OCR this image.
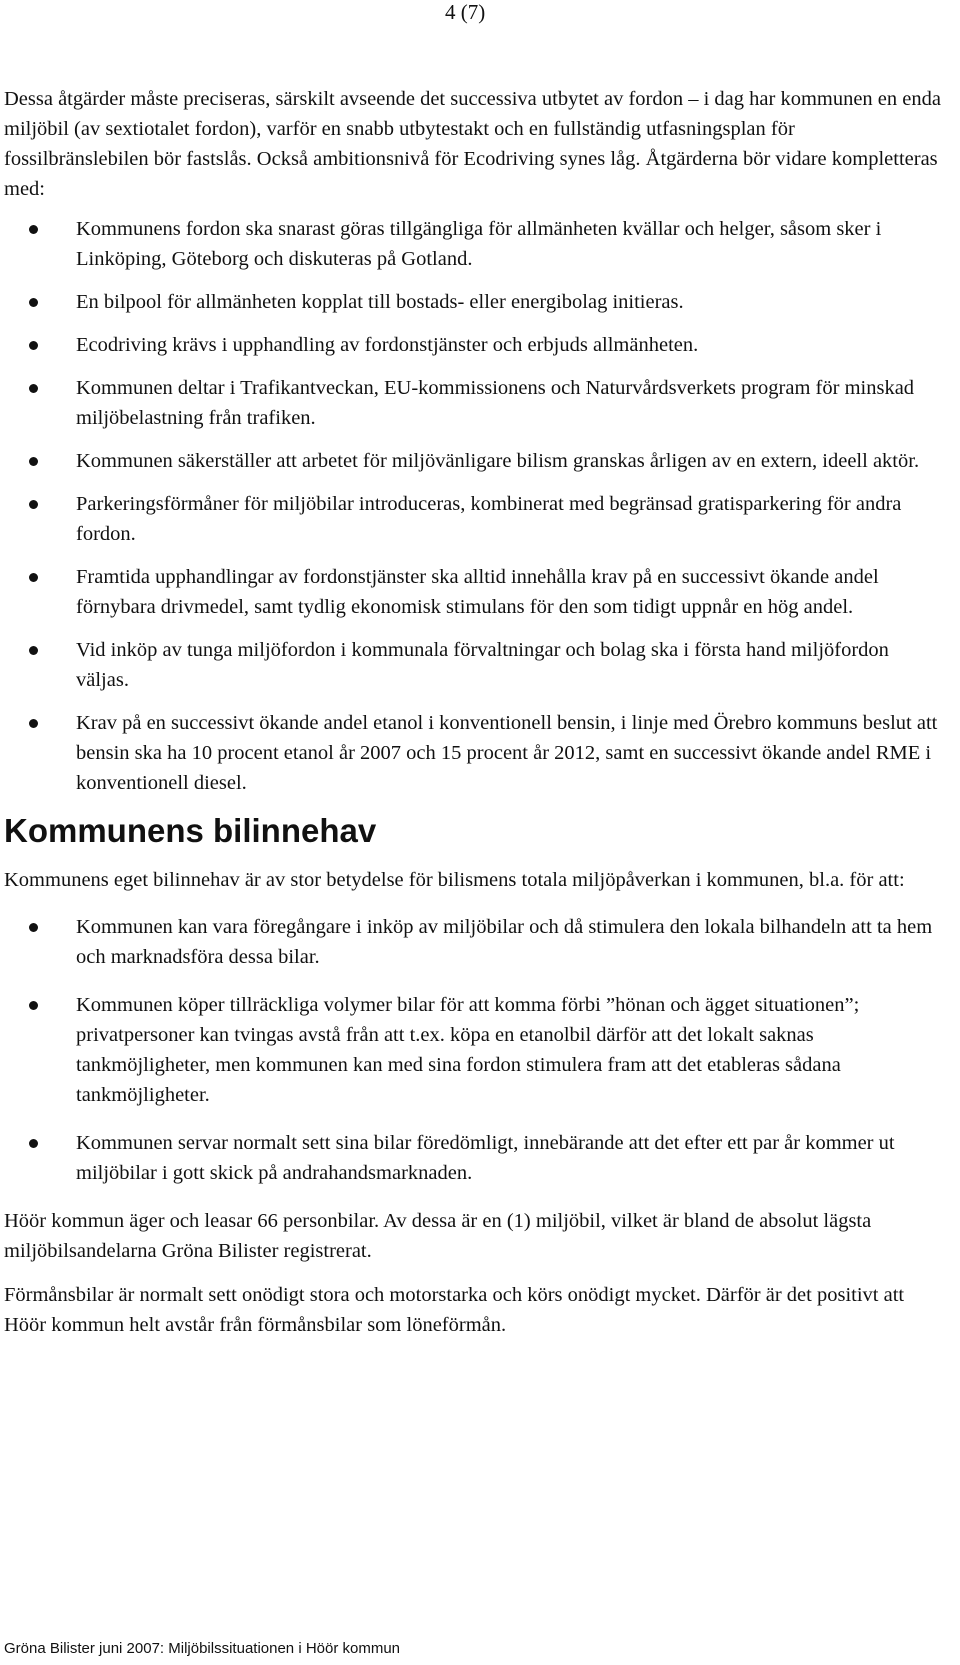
4 (7)

Dessa åtgärder måste preciseras, särskilt avseende det successiva utbytet av fordon – i dag har kommunen en enda miljöbil (av sextiotalet fordon), varför en snabb utbytestakt och en fullständig utfasningsplan för fossilbränslebilen bör fastslås. Också ambitionsnivå för Ecodriving synes låg. Åtgärderna bör vidare kompletteras med:

Kommunens fordon ska snarast göras tillgängliga för allmänheten kvällar och helger, såsom sker i Linköping, Göteborg och diskuteras på Gotland.
En bilpool för allmänheten kopplat till bostads- eller energibolag initieras.
Ecodriving krävs i upphandling av fordonstjänster och erbjuds allmänheten.
Kommunen deltar i Trafikantveckan, EU-kommissionens och Naturvårdsverkets program för minskad miljöbelastning från trafiken.
Kommunen säkerställer att arbetet för miljövänligare bilism granskas årligen av en extern, ideell aktör.
Parkeringsförmåner för miljöbilar introduceras, kombinerat med begränsad gratisparkering för andra fordon.
Framtida upphandlingar av fordonstjänster ska alltid innehålla krav på en successivt ökande andel förnybara drivmedel, samt tydlig ekonomisk stimulans för den som tidigt uppnår en hög andel.
Vid inköp av tunga miljöfordon i kommunala förvaltningar och bolag ska i första hand miljöfordon väljas.
Krav på en successivt ökande andel etanol i konventionell bensin, i linje med Örebro kommuns beslut att bensin ska ha 10 procent etanol år 2007 och 15 procent år 2012, samt en successivt ökande andel RME i konventionell diesel.
Kommunens bilinnehav

Kommunens eget bilinnehav är av stor betydelse för bilismens totala miljöpåverkan i kommunen, bl.a. för att:

Kommunen kan vara föregångare i inköp av miljöbilar och då stimulera den lokala bilhandeln att ta hem och marknadsföra dessa bilar.
Kommunen köper tillräckliga volymer bilar för att komma förbi ”hönan och ägget situationen”; privatpersoner kan tvingas avstå från att t.ex. köpa en etanolbil därför att det lokalt saknas tankmöjligheter, men kommunen kan med sina fordon stimulera fram att det etableras sådana tankmöjligheter.
Kommunen servar normalt sett sina bilar föredömligt, innebärande att det efter ett par år kommer ut miljöbilar i gott skick på andrahandsmarknaden.

Höör kommun äger och leasar 66 personbilar. Av dessa är en (1) miljöbil, vilket är bland de absolut lägsta miljöbilsandelarna Gröna Bilister registrerat.

Förmånsbilar är normalt sett onödigt stora och motorstarka och körs onödigt mycket. Därför är det positivt att Höör kommun helt avstår från förmånsbilar som löneförmån.

Gröna Bilister juni 2007: Miljöbilssituationen i Höör kommun
